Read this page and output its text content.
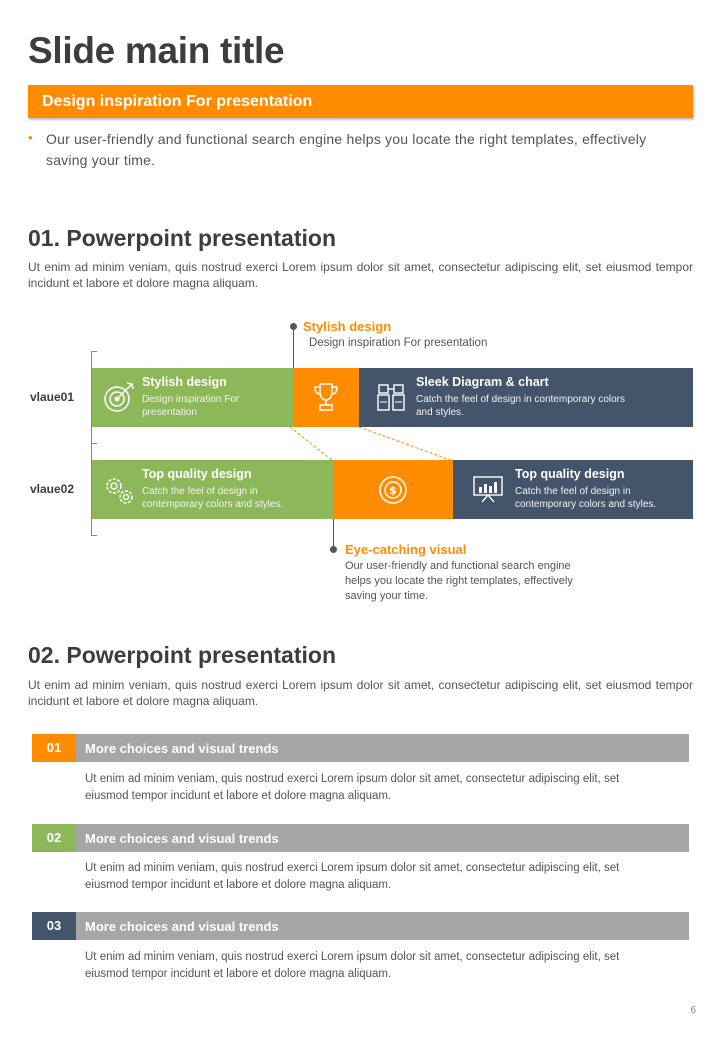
Slide main title
Design inspiration For presentation
• Our user-friendly and functional search engine helps you locate the right templates, effectively saving your time.
01. Powerpoint presentation
Ut enim ad minim veniam, quis nostrud exerci Lorem ipsum dolor sit amet, consectetur adipiscing elit, set eiusmod tempor incidunt et labore et dolore magna aliquam.
Stylish design
Design inspiration For presentation
vlaue01
vlaue02
Stylish design
Design inspiration For presentation
Sleek Diagram & chart
Catch the feel of design in contemporary colors and styles.
Top quality design
Catch the feel of design in contemporary colors and styles.
$
Top quality design
Catch the feel of design in contemporary colors and styles.
Eye-catching visual
Our user-friendly and functional search engine helps you locate the right templates, effectively saving your time.
02. Powerpoint presentation
Ut enim ad minim veniam, quis nostrud exerci Lorem ipsum dolor sit amet, consectetur adipiscing elit, set eiusmod tempor incidunt et labore et dolore magna aliquam.
01	More choices and visual trends
Ut enim ad minim veniam, quis nostrud exerci Lorem ipsum dolor sit amet, consectetur adipiscing elit, set eiusmod tempor incidunt et labore et dolore magna aliquam.
02	More choices and visual trends
Ut enim ad minim veniam, quis nostrud exerci Lorem ipsum dolor sit amet, consectetur adipiscing elit, set eiusmod tempor incidunt et labore et dolore magna aliquam.
03	More choices and visual trends
Ut enim ad minim veniam, quis nostrud exerci Lorem ipsum dolor sit amet, consectetur adipiscing elit, set eiusmod tempor incidunt et labore et dolore magna aliquam.
6
